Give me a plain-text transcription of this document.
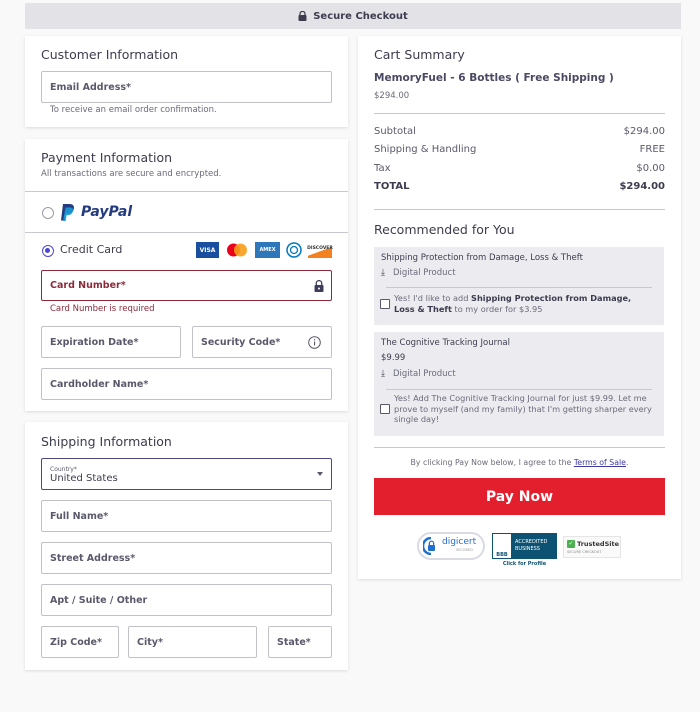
Secure Checkout
Customer Information
Email Address*
To receive an email order confirmation.
Payment Information
All transactions are secure and encrypted.
PayPal
Credit Card	VISA	AMEX	DISCOVER
Card Number*
Card Number is required
Expiration Date*	Security Code*
Cardholder Name*
Shipping Information
Country*
United States
Full Name*
Street Address*
Apt / Suite / Other
Zip Code*	City*	State*
Cart Summary
MemoryFuel - 6 Bottles ( Free Shipping )
$294.00
Subtotal	$294.00
Shipping & Handling	FREE
Tax	$0.00
TOTAL	$294.00
Recommended for You
Shipping Protection from Damage, Loss & Theft
⤓ Digital Product
Yes! I'd like to add Shipping Protection from Damage, Loss & Theft to my order for $3.95
The Cognitive Tracking Journal
$9.99
⤓ Digital Product
Yes! Add The Cognitive Tracking Journal for just $9.99. Let me prove to myself (and my family) that I'm getting sharper every single day!
By clicking Pay Now below, I agree to the Terms of Sale.
Pay Now
digicert
SECURED
BBB
ACCREDITED
BUSINESS
Click for Profile
✓ TrustedSite
SECURE CHECKOUT
